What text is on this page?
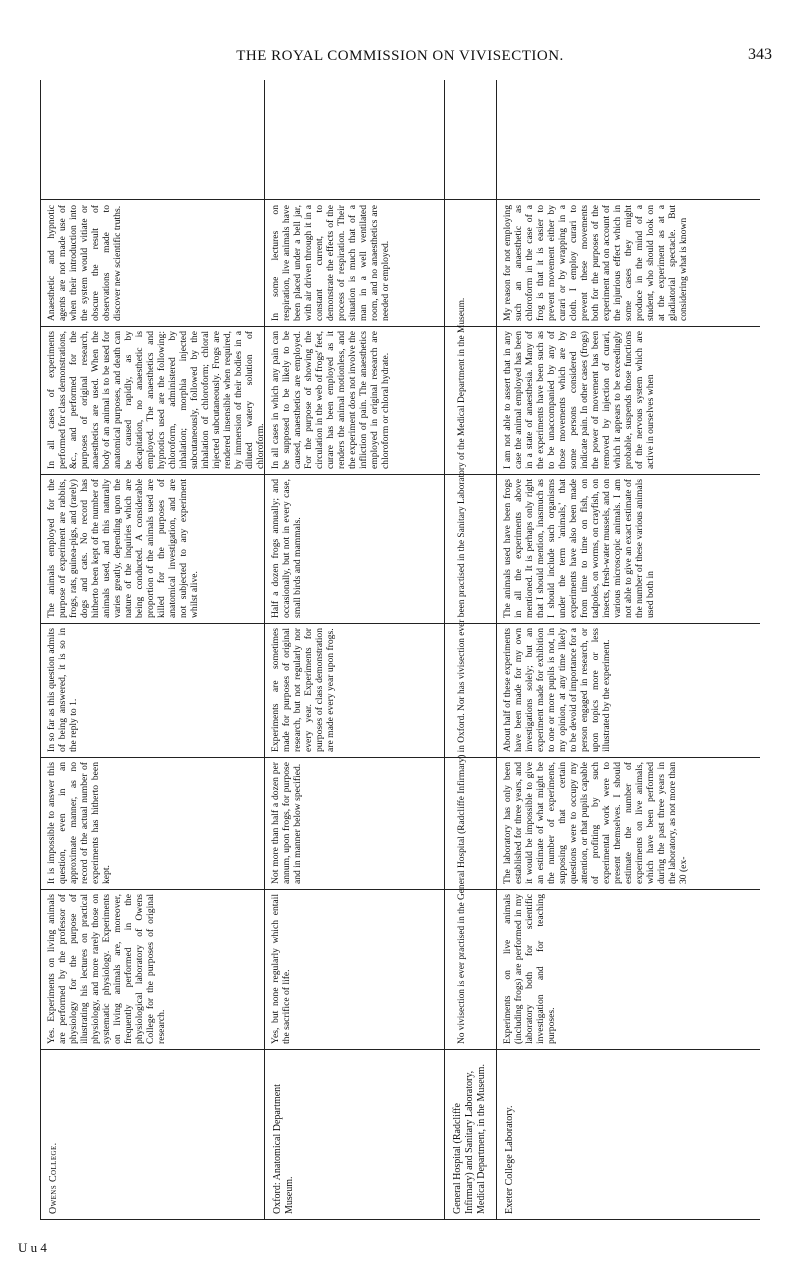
THE ROYAL COMMISSION ON VIVISECTION.	343
Owens College.
Yes. Experiments on living animals are performed by the professor of physiology for the purpose of illustrating his lectures on practical physiology, and more rarely those on systematic physiology. Experiments on living animals are, moreover, frequently performed in the physiological laboratory of Owens College for the purposes of original research.
It is impossible to answer this question, even in an approximate manner, as no record of the actual number of experiments has hitherto been kept.
In so far as this question admits of being answered, it is so in the reply to 1.
The animals employed for the purpose of experiment are rabbits, frogs, rats, guinea-pigs, and (rarely) dogs and cats. No record has hitherto been kept of the number of animals used, and this naturally varies greatly, depending upon the nature of the inquiries which are being conducted. A considerable proportion of the animals used are killed for the purposes of anatomical investigation, and are not subjected to any experiment whilst alive.
In all cases of experiments performed for class demonstrations, &c., and performed for the purposes of original research, anaesthetics are used. When the body of an animal is to be used for anatomical purposes, and death can be caused rapidly, as by decapitation, no anaesthetic is employed. The anaesthetics and hypnotics used are the following: chloroform, administered by inhalation; morphia injected subcutaneously, followed by the inhalation of chloroform; chloral injected subcutaneously. Frogs are rendered insensible when required, by immersion of their bodies in a diluted watery solution of chloroform.
Anaesthetic and hypnotic agents are not made use of when their introduction into the system would vitiate or obscure the result of observations made to discover new scientific truths.
Oxford: Anatomical Department Museum.
Yes, but none regularly which entail the sacrifice of life.
Not more than half a dozen per annum, upon frogs, for purpose and in manner below specified.
Experiments are sometimes made for purposes of original research, but not regularly nor every year. Experiments for purposes of class demonstration are made every year upon frogs.
Half a dozen frogs annually; and occasionally, but not in every case, small birds and mammals.
In all cases in which any pain can be supposed to be likely to be caused, anaesthetics are employed. For the purpose of showing the circulation in the web of frogs' feet, curare has been employed as it renders the animal motionless, and the experiment does not involve the infliction of pain. The anaesthetics employed in original research are chloroform or chloral hydrate.
In some lectures on respiration, live animals have been placed under a bell jar, with air driven through it in a constant current, to demonstrate the effects of the process of respiration. Their situation is much that of a man in a well ventilated room, and no anaesthetics are needed or employed.
General Hospital (Radcliffe Infirmary) and Sanitary Laboratory, Medical Department, in the Museum.
No vivisection is ever practised in the General Hospital (Radcliffe Infirmary) in Oxford. Nor has vivisection ever been practised in the Sanitary Laboratory of the Medical Department in the Museum.
Exeter College Laboratory.
Experiments on live animals (including frogs) are performed in my laboratory both for scientific investigation and for teaching purposes.
The laboratory has only been established for three years, and it would be impossible to give an estimate of what might be the number of experiments, supposing that certain questions were to occupy my attention, or that pupils capable of profiting by such experimental work were to present themselves. I should estimate the number of experiments on live animals, which have been performed during the past three years in the laboratory, as not more than 30 (ex-
About half of these experiments have been made for my own investigations solely; but an experiment made for exhibition to one or more pupils is not, in my opinion, at any time likely to be devoid of importance for a person engaged in research, or upon topics more or less illustrated by the experiment.
The animals used have been frogs in all the experiments above mentioned. It is perhaps only right that I should mention, inasmuch as I should include such organisms under the term 'animals,' that experiments have also been made from time to time on fish, on tadpoles, on worms, on crayfish, on insects, fresh-water mussels, and on various microscopic animals. I am not able to give an exact estimate of the number of these various animals used both in
I am not able to assert that in any case the animal employed has been in a state of anaesthesia. Many of the experiments have been such as to be unaccompanied by any of those movements which are by some persons considered to indicate pain. In other cases (frogs) the power of movement has been removed by injection of curari, which it appears to be exceedingly probable, suspends those functions of the nervous system which are active in ourselves when
My reason for not employing such an anaesthetic as chloroform in the case of a frog is that it is easier to prevent movement either by curari or by wrapping in a cloth. I employ curari to prevent these movements both for the purposes of the experiment and on account of the injurious effect which in some cases they might produce in the mind of a student, who should look on at the experiment as at a gladiatorial spectacle. But considering what is known
U u 4
